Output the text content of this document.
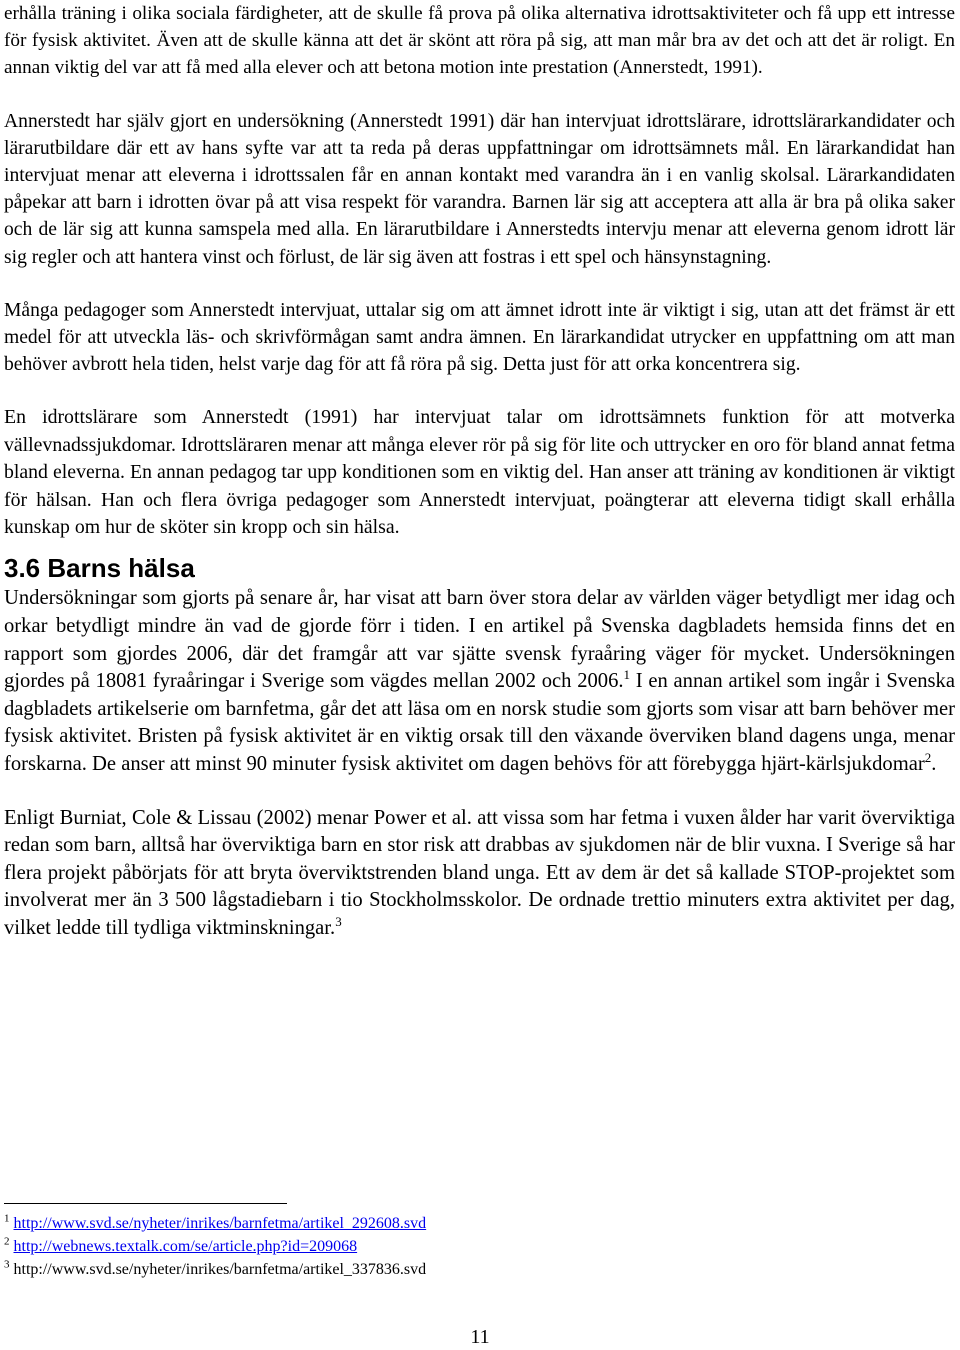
erhålla träning i olika sociala färdigheter, att de skulle få prova på olika alternativa idrottsaktiviteter och få upp ett intresse för fysisk aktivitet. Även att de skulle känna att det är skönt att röra på sig, att man mår bra av det och att det är roligt. En annan viktig del var att få med alla elever och att betona motion inte prestation (Annerstedt, 1991).

Annerstedt har själv gjort en undersökning (Annerstedt 1991) där han intervjuat idrottslärare, idrottslärarkandidater och lärarutbildare där ett av hans syfte var att ta reda på deras uppfattningar om idrottsämnets mål. En lärarkandidat han intervjuat menar att eleverna i idrottssalen får en annan kontakt med varandra än i en vanlig skolsal. Lärarkandidaten påpekar att barn i idrotten övar på att visa respekt för varandra. Barnen lär sig att acceptera att alla är bra på olika saker och de lär sig att kunna samspela med alla. En lärarutbildare i Annerstedts intervju menar att eleverna genom idrott lär sig regler och att hantera vinst och förlust, de lär sig även att fostras i ett spel och hänsynstagning.

Många pedagoger som Annerstedt intervjuat, uttalar sig om att ämnet idrott inte är viktigt i sig, utan att det främst är ett medel för att utveckla läs- och skrivförmågan samt andra ämnen. En lärarkandidat utrycker en uppfattning om att man behöver avbrott hela tiden, helst varje dag för att få röra på sig. Detta just för att orka koncentrera sig.

En idrottslärare som Annerstedt (1991) har intervjuat talar om idrottsämnets funktion för att motverka vällevnadssjukdomar. Idrottsläraren menar att många elever rör på sig för lite och uttrycker en oro för bland annat fetma bland eleverna. En annan pedagog tar upp konditionen som en viktig del. Han anser att träning av konditionen är viktigt för hälsan. Han och flera övriga pedagoger som Annerstedt intervjuat, poängterar att eleverna tidigt skall erhålla kunskap om hur de sköter sin kropp och sin hälsa.

3.6 Barns hälsa

Undersökningar som gjorts på senare år, har visat att barn över stora delar av världen väger betydligt mer idag och orkar betydligt mindre än vad de gjorde förr i tiden. I en artikel på Svenska dagbladets hemsida finns det en rapport som gjordes 2006, där det framgår att var sjätte svensk fyraåring väger för mycket. Undersökningen gjordes på 18081 fyraåringar i Sverige som vägdes mellan 2002 och 2006.$^1$ I en annan artikel som ingår i Svenska dagbladets artikelserie om barnfetma, går det att läsa om en norsk studie som gjorts som visar att barn behöver mer fysisk aktivitet. Bristen på fysisk aktivitet är en viktig orsak till den växande överviken bland dagens unga, menar forskarna. De anser att minst 90 minuter fysisk aktivitet om dagen behövs för att förebygga hjärt-kärlsjukdomar$^2$.

Enligt Burniat, Cole & Lissau (2002) menar Power et al. att vissa som har fetma i vuxen ålder har varit överviktiga redan som barn, alltså har överviktiga barn en stor risk att drabbas av sjukdomen när de blir vuxna. I Sverige så har flera projekt påbörjats för att bryta överviktstrenden bland unga. Ett av dem är det så kallade STOP-projektet som involverat mer än 3 500 lågstadiebarn i tio Stockholmsskolor. De ordnade trettio minuters extra aktivitet per dag, vilket ledde till tydliga viktminskningar.$^3$

$^1$ http://www.svd.se/nyheter/inrikes/barnfetma/artikel_292608.svd
$^2$ http://webnews.textalk.com/se/article.php?id=209068
$^3$ http://www.svd.se/nyheter/inrikes/barnfetma/artikel_337836.svd
11
